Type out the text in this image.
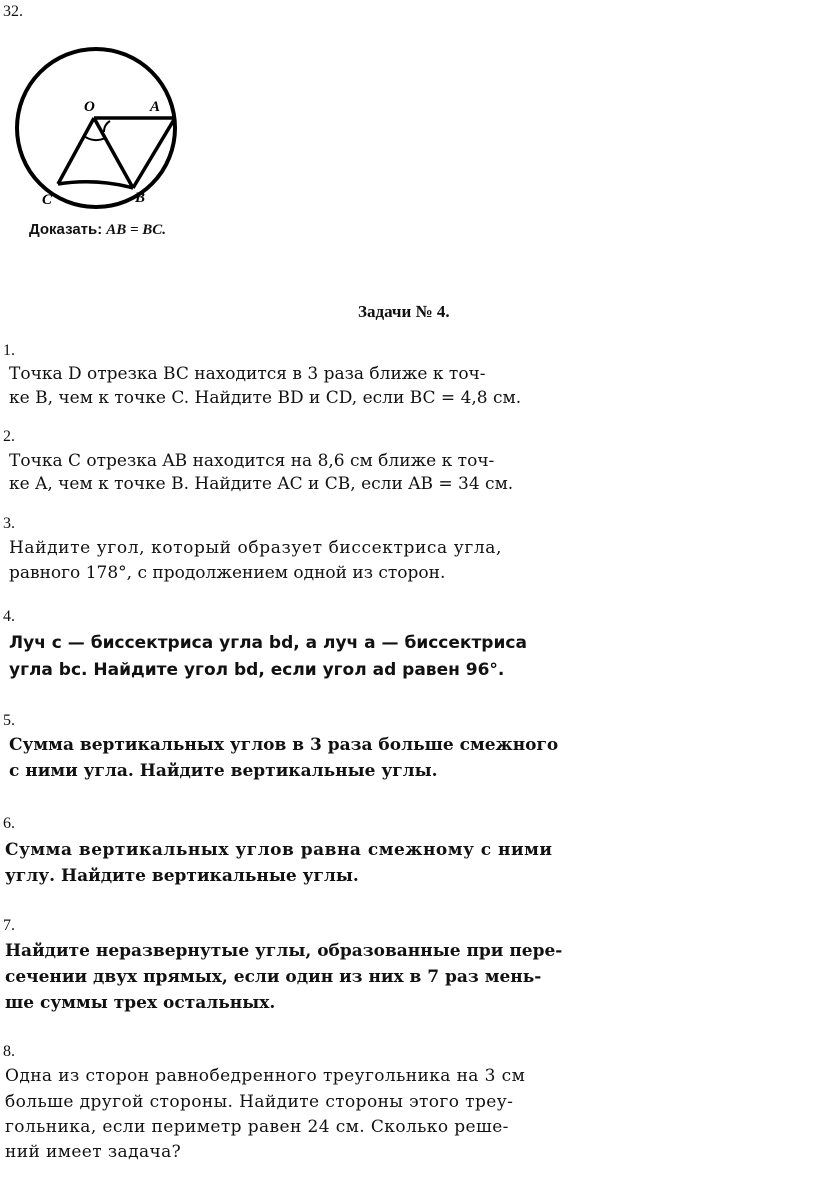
32.
O	A
B
C
Доказать: AB = BC.
Задачи № 4.
1.
Точка D отрезка BC находится в 3 раза ближе к точ-
ке B, чем к точке C. Найдите BD и CD, если BC = 4,8 см.
2.
Точка C отрезка AB находится на 8,6 см ближе к точ-
ке A, чем к точке B. Найдите AC и CB, если AB = 34 см.
3.
Найдите угол, который образует биссектриса угла,
равного 178°, с продолжением одной из сторон.
4.
Луч c — биссектриса угла bd, а луч a — биссектриса
угла bc. Найдите угол bd, если угол ad равен 96°.
5.
Сумма вертикальных углов в 3 раза больше смежного
с ними угла. Найдите вертикальные углы.
6.
Сумма вертикальных углов равна смежному с ними
углу. Найдите вертикальные углы.
7.
Найдите неразвернутые углы, образованные при пере-
сечении двух прямых, если один из них в 7 раз мень-
ше суммы трех остальных.
8.
Одна из сторон равнобедренного треугольника на 3 см
больше другой стороны. Найдите стороны этого треу-
гольника, если периметр равен 24 см. Сколько реше-
ний имеет задача?
